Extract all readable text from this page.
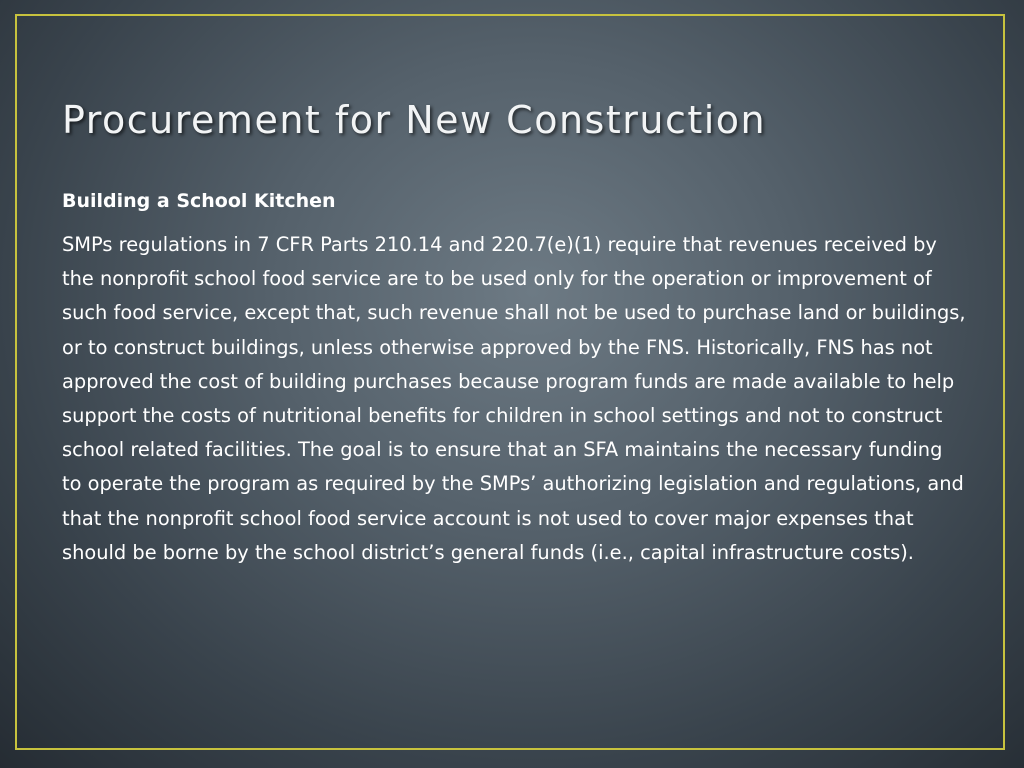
Procurement for New Construction

Building a School Kitchen

SMPs regulations in 7 CFR Parts 210.14 and 220.7(e)(1) require that revenues received by the nonprofit school food service are to be used only for the operation or improvement of such food service, except that, such revenue shall not be used to purchase land or buildings, or to construct buildings, unless otherwise approved by the FNS. Historically, FNS has not approved the cost of building purchases because program funds are made available to help support the costs of nutritional benefits for children in school settings and not to construct school related facilities. The goal is to ensure that an SFA maintains the necessary funding to operate the program as required by the SMPs’ authorizing legislation and regulations, and that the nonprofit school food service account is not used to cover major expenses that should be borne by the school district’s general funds (i.e., capital infrastructure costs).
